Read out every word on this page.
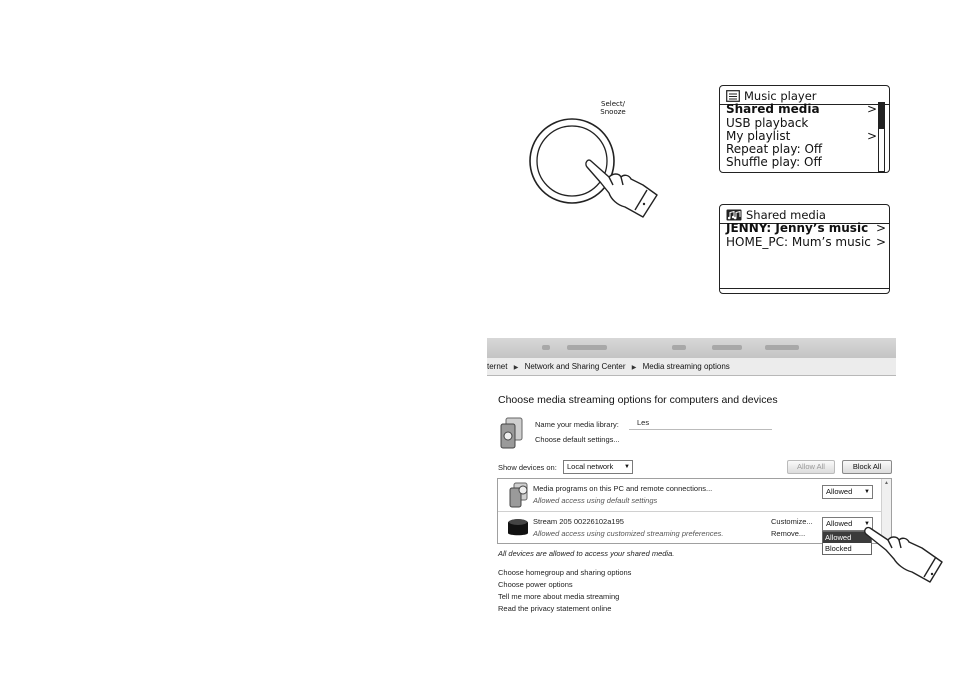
Select/
Snooze
Music player
Shared media	>
USB playback
My playlist	>
Repeat play: Off
Shuffle play: Off
Shared media
JENNY: Jenny’s music >
HOME_PC: Mum’s music >
ternet ▶ Network and Sharing Center ▶ Media streaming options
Choose media streaming options for computers and devices
Name your media library:	Les
Choose default settings...
Show devices on:	Local network ▼	Allow All	Block All
Media programs on this PC and remote connections...
Allowed access using default settings
Allowed ▼
Stream 205 00226102a195
Allowed access using customized streaming preferences.
Customize...
Remove...
Allowed ▼
▲
Allowed
Blocked
All devices are allowed to access your shared media.
Choose homegroup and sharing options
Choose power options
Tell me more about media streaming
Read the privacy statement online
